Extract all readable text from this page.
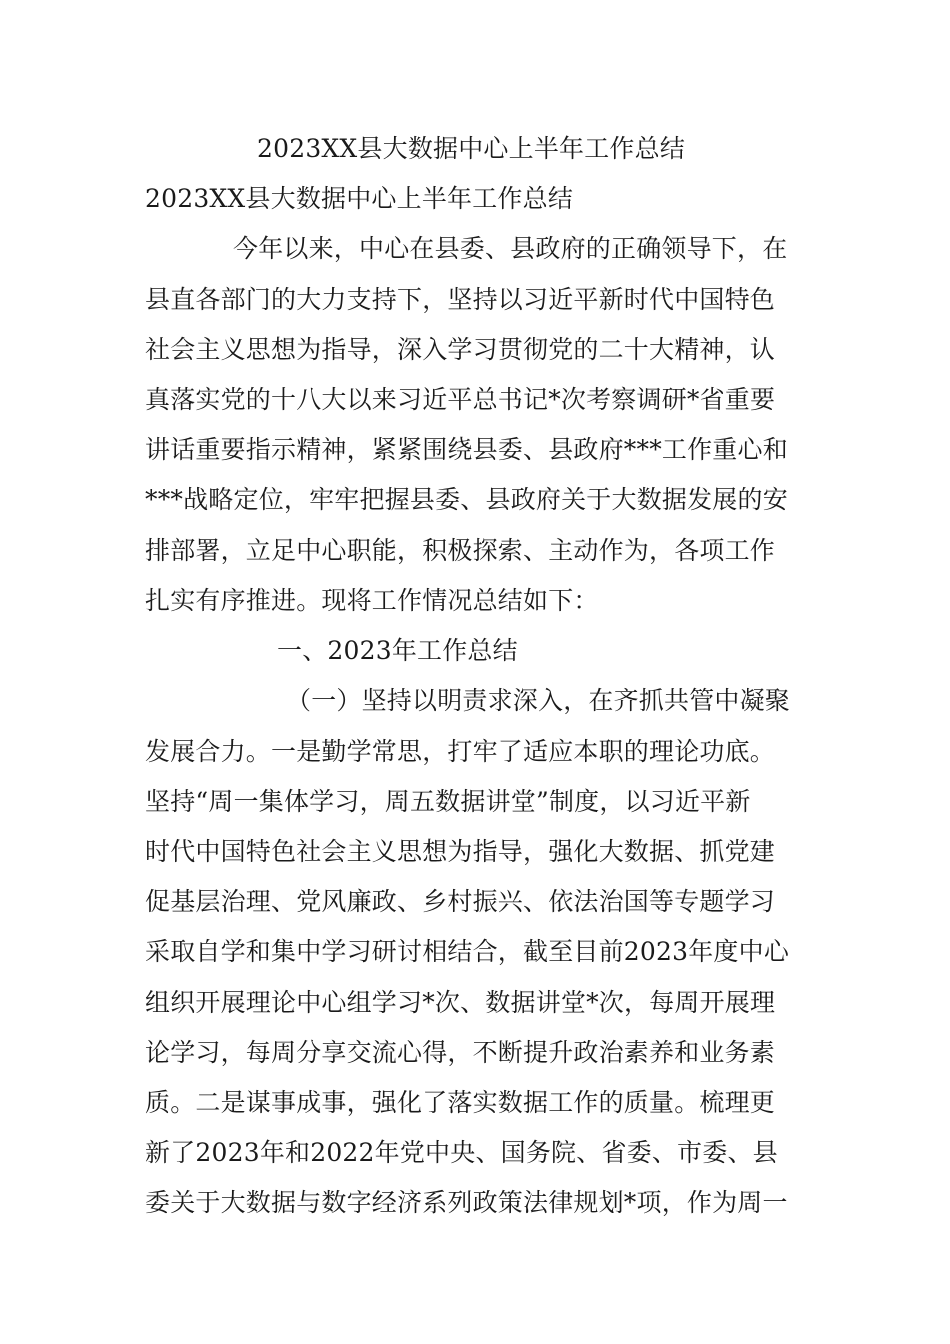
2023XX县大数据中心上半年工作总结
2023XX县大数据中心上半年工作总结
今年以来，中心在县委、县政府的正确领导下，在
县直各部门的大力支持下，坚持以习近平新时代中国特色
社会主义思想为指导，深入学习贯彻党的二十大精神，认
真落实党的十八大以来习近平总书记*次考察调研*省重要
讲话重要指示精神，紧紧围绕县委、县政府***工作重心和
***战略定位，牢牢把握县委、县政府关于大数据发展的安
排部署，立足中心职能，积极探索、主动作为，各项工作
扎实有序推进。现将工作情况总结如下：
一、2023年工作总结
（一）坚持以明责求深入，在齐抓共管中凝聚
发展合力。一是勤学常思，打牢了适应本职的理论功底。
坚持“周一集体学习，周五数据讲堂”制度，以习近平新
时代中国特色社会主义思想为指导，强化大数据、抓党建
促基层治理、党风廉政、乡村振兴、依法治国等专题学习
采取自学和集中学习研讨相结合，截至目前2023年度中心
组织开展理论中心组学习*次、数据讲堂*次，每周开展理
论学习，每周分享交流心得，不断提升政治素养和业务素
质。二是谋事成事，强化了落实数据工作的质量。梳理更
新了2023年和2022年党中央、国务院、省委、市委、县
委关于大数据与数字经济系列政策法律规划*项，作为周一
